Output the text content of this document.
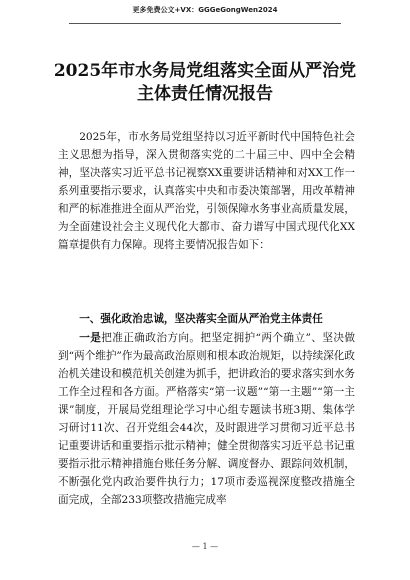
更多免费公文+VX：GGGeGongWen2024
2025年市水务局党组落实全面从严治党
主体责任情况报告
2025年，市水务局党组坚持以习近平新时代中国特色社会主义思想为指导，深入贯彻落实党的二十届三中、四中全会精神，坚决落实习近平总书记视察XX重要讲话精神和对XX工作一系列重要指示要求，认真落实中央和市委决策部署，用改革精神和严的标准推进全面从严治党，引领保障水务事业高质量发展，为全面建设社会主义现代化大都市、奋力谱写中国式现代化XX篇章提供有力保障。现将主要情况报告如下：
一、强化政治忠诚，坚决落实全面从严治党主体责任
一是把准正确政治方向。把坚定拥护“两个确立”、坚决做到“两个维护”作为最高政治原则和根本政治规矩，以持续深化政治机关建设和模范机关创建为抓手，把讲政治的要求落实到水务工作全过程和各方面。严格落实“第一议题”“第一主题”“第一主课”制度，开展局党组理论学习中心组专题读书班3期、集体学习研讨11次、召开党组会44次，及时跟进学习贯彻习近平总书记重要讲话和重要指示批示精神；健全贯彻落实习近平总书记重要指示批示精神措施台账任务分解、调度督办、跟踪问效机制，不断强化党内政治要件执行力；17项市委巡视深度整改措施全面完成，全部233项整改措施完成率
— 1 —
